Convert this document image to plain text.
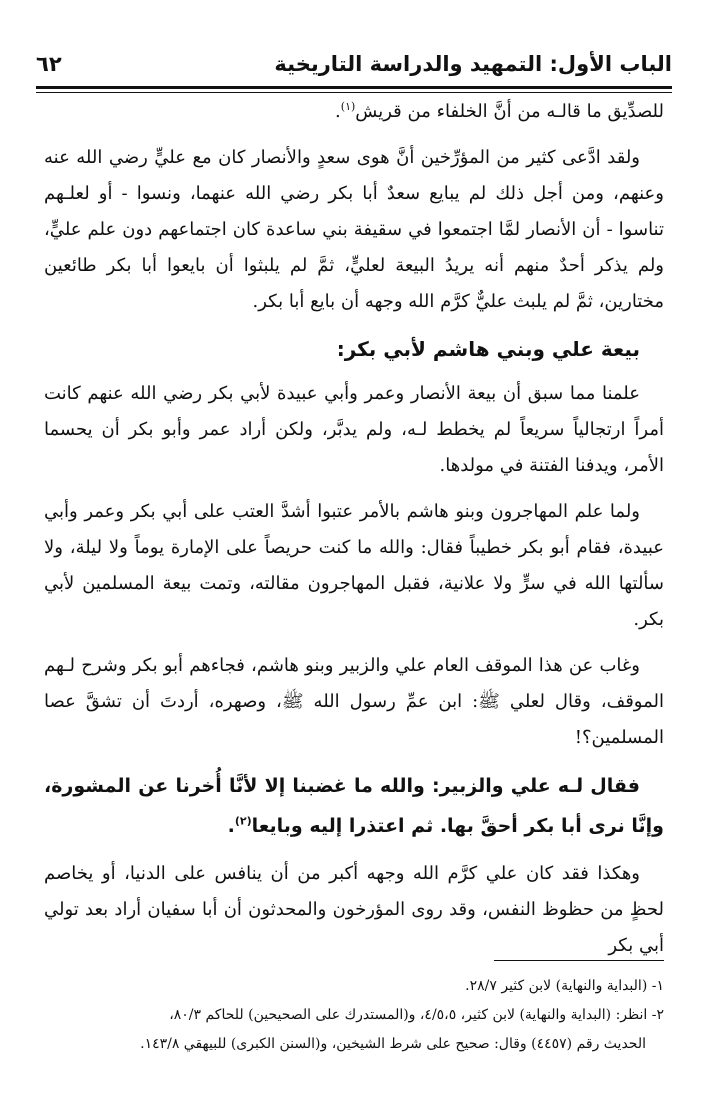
الباب الأول: التمهيد والدراسة التاريخية
٦٢

للصدِّيق ما قالـه من أنَّ الخلفاء من قريش$^{(١)}$.

ولقد ادَّعى كثير من المؤرِّخين أنَّ هوى سعدٍ والأنصار كان مع عليٍّ رضي الله عنه وعنهم، ومن أجل ذلك لم يبايع سعدٌ أبا بكر رضي الله عنهما، ونسوا - أو لعلـهم تناسوا - أن الأنصار لمَّا اجتمعوا في سقيفة بني ساعدة كان اجتماعهم دون علم عليٍّ، ولم يذكر أحدٌ منهم أنه يريدُ البيعة لعليٍّ، ثمَّ لم يلبثوا أن بايعوا أبا بكر طائعين مختارين، ثمَّ لم يلبث عليٌّ كرَّم الله وجهه أن بايع أبا بكر.

بيعة علي وبني هاشم لأبي بكر:

علمنا مما سبق أن بيعة الأنصار وعمر وأبي عبيدة لأبي بكر رضي الله عنهم كانت أمراً ارتجالياً سريعاً لم يخطط لـه، ولم يدبَّر، ولكن أراد عمر وأبو بكر أن يحسما الأمر، ويدفنا الفتنة في مولدها.

ولما علم المهاجرون وبنو هاشم بالأمر عتبوا أشدَّ العتب على أبي بكر وعمر وأبي عبيدة، فقام أبو بكر خطيباً فقال: والله ما كنت حريصاً على الإمارة يوماً ولا ليلة، ولا سألتها الله في سرٍّ ولا علانية، فقبل المهاجرون مقالته، وتمت بيعة المسلمين لأبي بكر.

وغاب عن هذا الموقف العام علي والزبير وبنو هاشم، فجاءهم أبو بكر وشرح لـهم الموقف، وقال لعلي ﷺ: ابن عمِّ رسول الله ﷺ، وصهره، أردتَ أن تشقَّ عصا المسلمين؟!

فقال لـه علي والزبير: والله ما غضبنا إلا لأنَّا أُخرنا عن المشورة، وإنَّا نرى أبا بكر أحقَّ بها. ثم اعتذرا إليه وبايعا$^{(٢)}$.

وهكذا فقد كان علي كرَّم الله وجهه أكبر من أن ينافس على الدنيا، أو يخاصم لحظٍ من حظوظ النفس، وقد روى المؤرخون والمحدثون أن أبا سفيان أراد بعد تولي أبي بكر

١- (البداية والنهاية) لابن كثير ٢٨/٧.

٢- انظر: (البداية والنهاية) لابن كثير، ٤/٥،٥، و(المستدرك على الصحيحين) للحاكم ٨٠/٣،

الحديث رقم (٤٤٥٧) وقال: صحيح على شرط الشيخين، و(السنن الكبرى) للبيهقي ١٤٣/٨.
